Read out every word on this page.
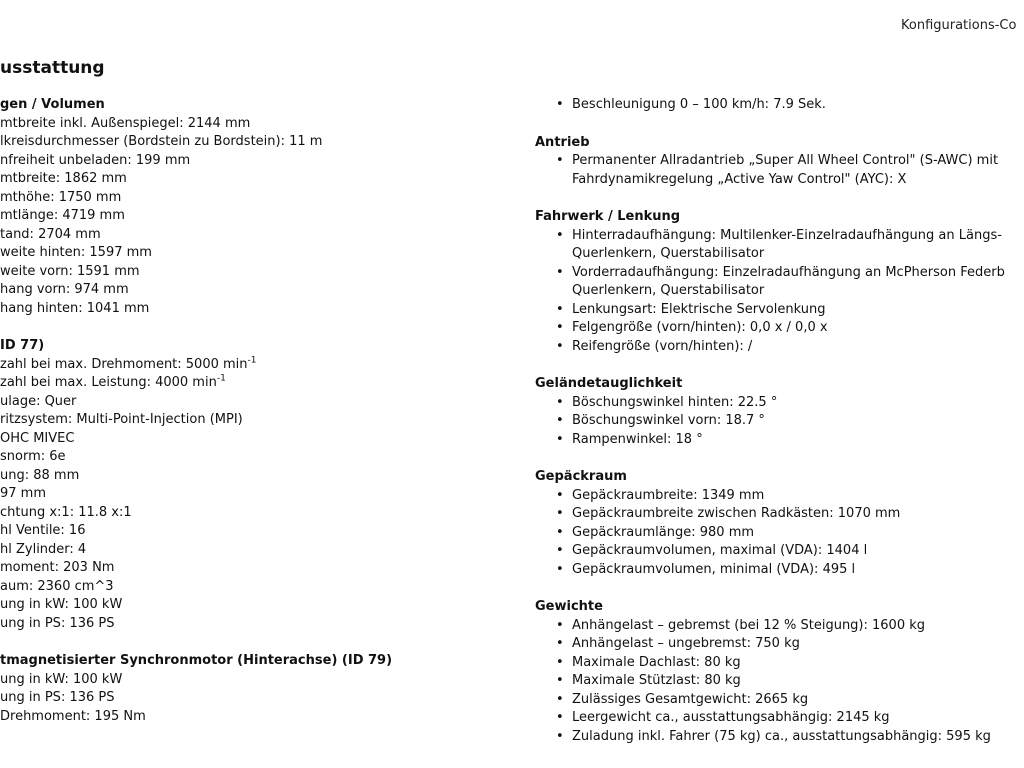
Konfigurations-Co
usstattung
gen / Volumen
mtbreite inkl. Außenspiegel: 2144 mm
lkreisdurchmesser (Bordstein zu Bordstein): 11 m
nfreiheit unbeladen: 199 mm
mtbreite: 1862 mm
mthöhe: 1750 mm
mtlänge: 4719 mm
tand: 2704 mm
weite hinten: 1597 mm
weite vorn: 1591 mm
hang vorn: 974 mm
hang hinten: 1041 mm
ID 77)
zahl bei max. Drehmoment: 5000 $\min^{-1}$
zahl bei max. Leistung: 4000 $\min^{-1}$
ulage: Quer
ritzsystem: Multi-Point-Injection (MPI)
OHC MIVEC
snorm: 6e
ung: 88 mm
97 mm
chtung x:1: 11.8 x:1
hl Ventile: 16
hl Zylinder: 4
moment: 203 Nm
aum: 2360 cm^3
ung in kW: 100 kW
ung in PS: 136 PS
tmagnetisierter Synchronmotor (Hinterachse) (ID 79)
ung in kW: 100 kW
ung in PS: 136 PS
Drehmoment: 195 Nm
• Beschleunigung 0 – 100 km/h: 7.9 Sek.
Antrieb
• Permanenter Allradantrieb „Super All Wheel Control" (S-AWC) mit
Fahrdynamikregelung „Active Yaw Control" (AYC): X
Fahrwerk / Lenkung
• Hinterradaufhängung: Multilenker-Einzelradaufhängung an Längs-
Querlenkern, Querstabilisator
• Vorderradaufhängung: Einzelradaufhängung an McPherson Federb
Querlenkern, Querstabilisator
• Lenkungsart: Elektrische Servolenkung
• Felgengröße (vorn/hinten): 0,0 x / 0,0 x
• Reifengröße (vorn/hinten): /
Geländetauglichkeit
• Böschungswinkel hinten: 22.5 °
• Böschungswinkel vorn: 18.7 °
• Rampenwinkel: 18 °
Gepäckraum
• Gepäckraumbreite: 1349 mm
• Gepäckraumbreite zwischen Radkästen: 1070 mm
• Gepäckraumlänge: 980 mm
• Gepäckraumvolumen, maximal (VDA): 1404 l
• Gepäckraumvolumen, minimal (VDA): 495 l
Gewichte
• Anhängelast – gebremst (bei 12 % Steigung): 1600 kg
• Anhängelast – ungebremst: 750 kg
• Maximale Dachlast: 80 kg
• Maximale Stützlast: 80 kg
• Zulässiges Gesamtgewicht: 2665 kg
• Leergewicht ca., ausstattungsabhängig: 2145 kg
• Zuladung inkl. Fahrer (75 kg) ca., ausstattungsabhängig: 595 kg
